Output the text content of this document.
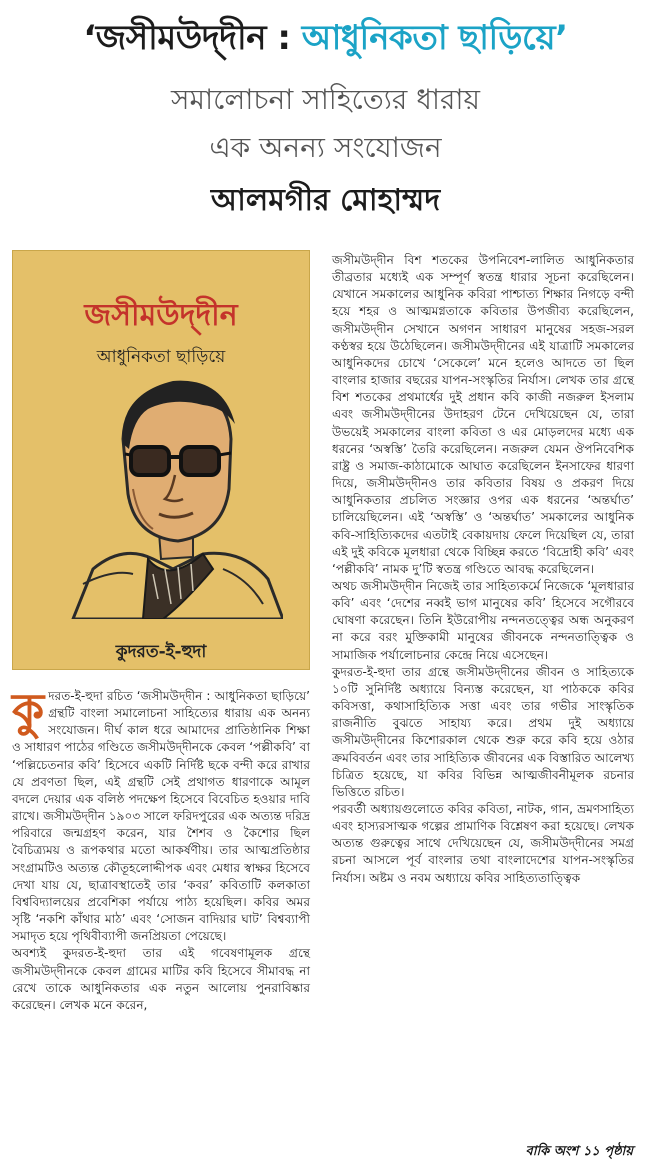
‘জসীমউদ্‌দীন : আধুনিকতা ছাড়িয়ে’
সমালোচনা সাহিত্যের ধারায়
এক অনন্য সংযোজন
আলমগীর মোহাম্মদ
জসীমউদ্‌দীন
আধুনিকতা ছাড়িয়ে
কুদরত-ই-হুদা

কুদরত-ই-হুদা রচিত ‘জসীমউদ্‌দীন : আধুনিকতা ছাড়িয়ে’ গ্রন্থটি বাংলা সমালোচনা সাহিত্যের ধারায় এক অনন্য সংযোজন। দীর্ঘ কাল ধরে আমাদের প্রাতিষ্ঠানিক শিক্ষা ও সাধারণ পাঠের গণ্ডিতে জসীমউদ্‌দীনকে কেবল ‘পল্লীকবি’ বা ‘পল্লিচেতনার কবি’ হিসেবে একটি নির্দিষ্ট ছকে বন্দী করে রাখার যে প্রবণতা ছিল, এই গ্রন্থটি সেই প্রথাগত ধারণাকে আমূল বদলে দেয়ার এক বলিষ্ঠ পদক্ষেপ হিসেবে বিবেচিত হওয়ার দাবি রাখে। জসীমউদ্‌দীন ১৯০৩ সালে ফরিদপুরের এক অত্যন্ত দরিদ্র পরিবারে জন্মগ্রহণ করেন, যার শৈশব ও কৈশোর ছিল বৈচিত্র্যময় ও রূপকথার মতো আকর্ষণীয়। তার আত্মপ্রতিষ্ঠার সংগ্রামটিও অত্যন্ত কৌতূহলোদ্দীপক এবং মেধার স্বাক্ষর হিসেবে দেখা যায় যে, ছাত্রাবস্থাতেই তার ‘কবর’ কবিতাটি কলকাতা বিশ্ববিদ্যালয়ের প্রবেশিকা পর্যায়ে পাঠ্য হয়েছিল। কবির অমর সৃষ্টি ‘নকশি কাঁথার মাঠ’ এবং ‘সোজন বাদিয়ার ঘাট’ বিশ্বব্যাপী সমাদৃত হয়ে পৃথিবীব্যাপী জনপ্রিয়তা পেয়েছে।

অবশ্যই কুদরত-ই-হুদা তার এই গবেষণামূলক গ্রন্থে জসীমউদ্‌দীনকে কেবল গ্রামের মাটির কবি হিসেবে সীমাবদ্ধ না রেখে তাকে আধুনিকতার এক নতুন আলোয় পুনরাবিষ্কার করেছেন। লেখক মনে করেন,

জসীমউদ্‌দীন বিশ শতকের উপনিবেশ-লালিত আধুনিকতার তীব্রতার মধ্যেই এক সম্পূর্ণ স্বতন্ত্র ধারার সূচনা করেছিলেন। যেখানে সমকালের আধুনিক কবিরা পাশ্চাত্য শিক্ষার নিগড়ে বন্দী হয়ে শহর ও আত্মমগ্নতাকে কবিতার উপজীব্য করেছিলেন, জসীমউদ্‌দীন সেখানে অগণন সাধারণ মানুষের সহজ-সরল কণ্ঠস্বর হয়ে উঠেছিলেন। জসীমউদ্‌দীনের এই যাত্রাটি সমকালের আধুনিকদের চোখে ‘সেকেলে’ মনে হলেও আদতে তা ছিল বাংলার হাজার বছরের যাপন-সংস্কৃতির নির্যাস। লেখক তার গ্রন্থে বিশ শতকের প্রথমার্ধের দুই প্রধান কবি কাজী নজরুল ইসলাম এবং জসীমউদ্‌দীনের উদাহরণ টেনে দেখিয়েছেন যে, তারা উভয়েই সমকালের বাংলা কবিতা ও এর মোড়লদের মধ্যে এক ধরনের ‘অস্বস্তি’ তৈরি করেছিলেন। নজরুল যেমন ঔপনিবেশিক রাষ্ট্র ও সমাজ-কাঠামোকে আঘাত করেছিলেন ইনসাফের ধারণা দিয়ে, জসীমউদ্‌দীনও তার কবিতার বিষয় ও প্রকরণ দিয়ে আধুনিকতার প্রচলিত সংজ্ঞার ওপর এক ধরনের ‘অন্তর্ঘাত’ চালিয়েছিলেন। এই ‘অস্বস্তি’ ও ‘অন্তর্ঘাত’ সমকালের আধুনিক কবি-সাহিত্যিকদের এতটাই বেকায়দায় ফেলে দিয়েছিল যে, তারা এই দুই কবিকে মূলধারা থেকে বিচ্ছিন্ন করতে ‘বিদ্রোহী কবি’ এবং ‘পল্লীকবি’ নামক দু’টি স্বতন্ত্র গণ্ডিতে আবদ্ধ করেছিলেন।

অথচ জসীমউদ্‌দীন নিজেই তার সাহিত্যকর্মে নিজেকে ‘মূলধারার কবি’ এবং ‘দেশের নব্বই ভাগ মানুষের কবি’ হিসেবে সগৌরবে ঘোষণা করেছেন। তিনি ইউরোপীয় নন্দনতত্ত্বের অন্ধ অনুকরণ না করে বরং মুক্তিকামী মানুষের জীবনকে নন্দনতাত্ত্বিক ও সামাজিক পর্যালোচনার কেন্দ্রে নিয়ে এসেছেন।

কুদরত-ই-হুদা তার গ্রন্থে জসীমউদ্‌দীনের জীবন ও সাহিত্যকে ১০টি সুনির্দিষ্ট অধ্যায়ে বিন্যস্ত করেছেন, যা পাঠককে কবির কবিসত্তা, কথাসাহিত্যিক সত্তা এবং তার গভীর সাংস্কৃতিক রাজনীতি বুঝতে সাহায্য করে। প্রথম দুই অধ্যায়ে জসীমউদ্‌দীনের কিশোরকাল থেকে শুরু করে কবি হয়ে ওঠার ক্রমবিবর্তন এবং তার সাহিত্যিক জীবনের এক বিস্তারিত আলেখ্য চিত্রিত হয়েছে, যা কবির বিভিন্ন আত্মজীবনীমূলক রচনার ভিত্তিতে রচিত।

পরবর্তী অধ্যায়গুলোতে কবির কবিতা, নাটক, গান, ভ্রমণসাহিত্য এবং হাস্যরসাত্মক গল্পের প্রামাণিক বিশ্লেষণ করা হয়েছে। লেখক অত্যন্ত গুরুত্বের সাথে দেখিয়েছেন যে, জসীমউদ্‌দীনের সমগ্র রচনা আসলে পূর্ব বাংলার তথা বাংলাদেশের যাপন-সংস্কৃতির নির্যাস। অষ্টম ও নবম অধ্যায়ে কবির সাহিত্যতাত্ত্বিক

বাকি অংশ ১১ পৃষ্ঠায়
